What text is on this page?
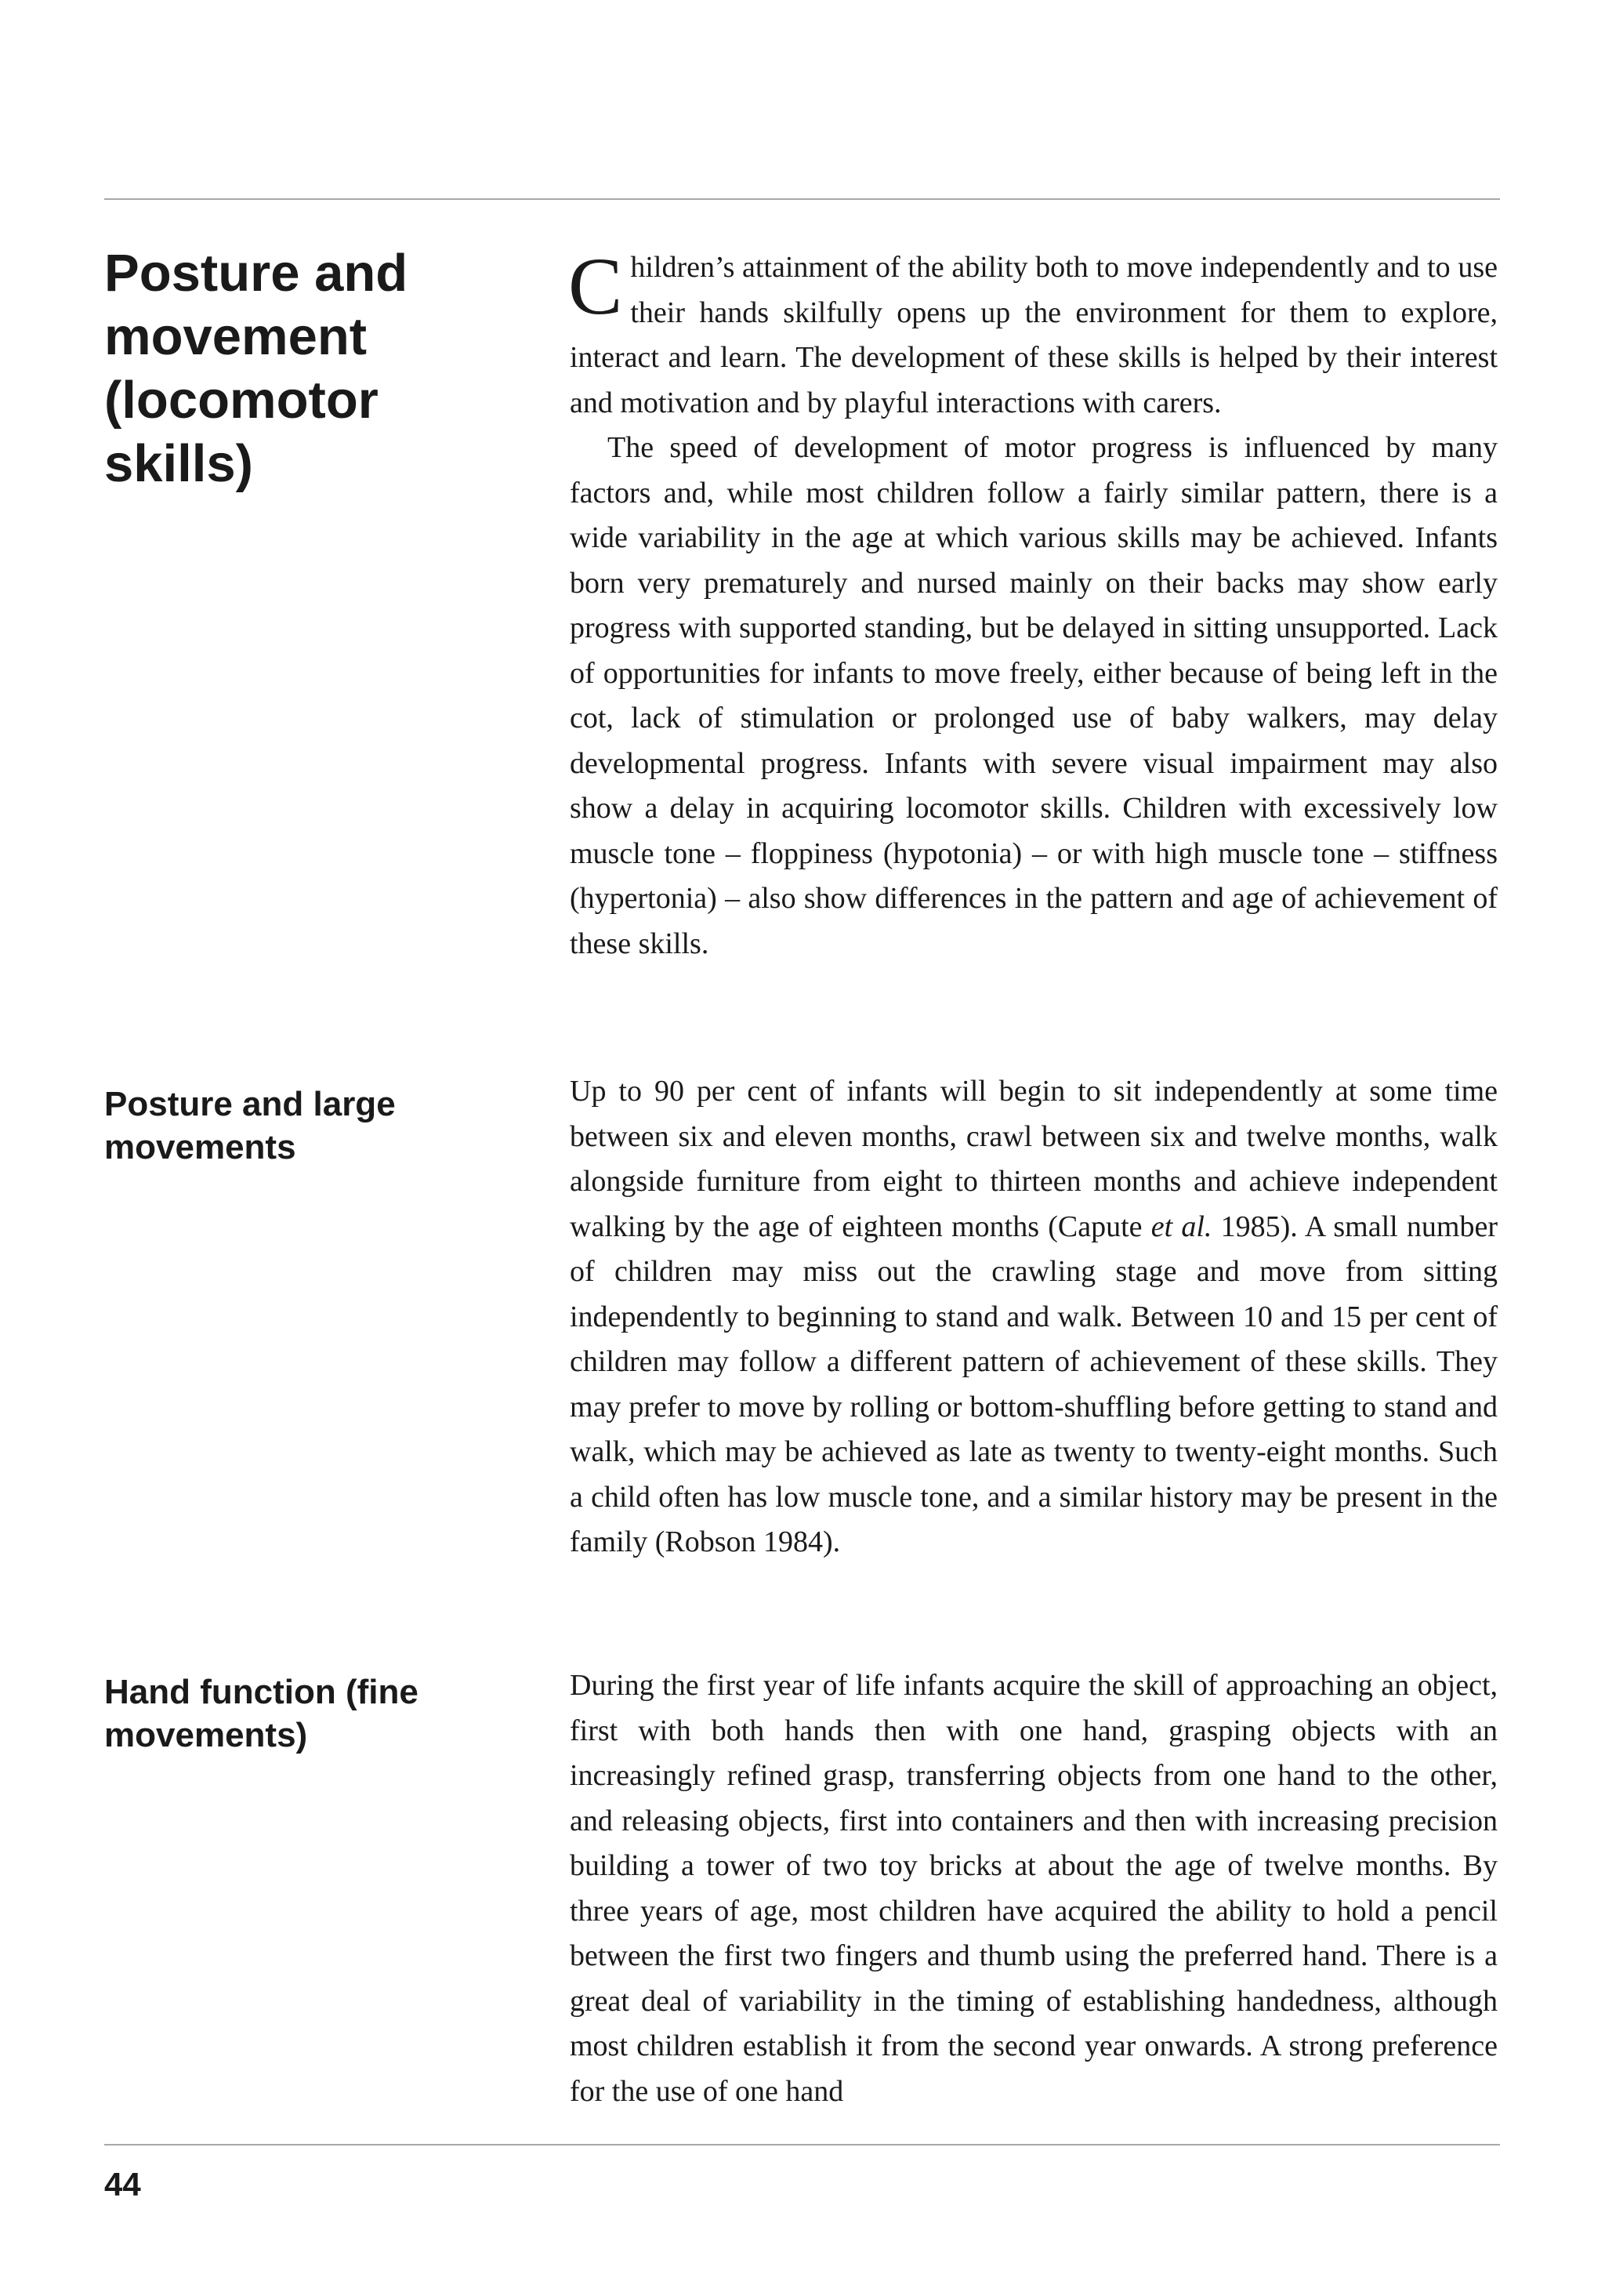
Posture and movement (locomotor skills)

Children’s attainment of the ability both to move independently and to use their hands skilfully opens up the environment for them to explore, interact and learn. The development of these skills is helped by their interest and motivation and by playful interactions with carers.

The speed of development of motor progress is influenced by many factors and, while most children follow a fairly similar pattern, there is a wide variability in the age at which various skills may be achieved. Infants born very prematurely and nursed mainly on their backs may show early progress with supported standing, but be delayed in sitting unsupported. Lack of opportunities for infants to move freely, either because of being left in the cot, lack of stimulation or prolonged use of baby walkers, may delay developmental progress. Infants with severe visual impairment may also show a delay in acquiring locomotor skills. Children with excessively low muscle tone – floppiness (hypotonia) – or with high muscle tone – stiffness (hypertonia) – also show differences in the pattern and age of achievement of these skills.

Posture and large movements

Up to 90 per cent of infants will begin to sit independently at some time between six and eleven months, crawl between six and twelve months, walk alongside furniture from eight to thirteen months and achieve independent walking by the age of eighteen months (Capute et al. 1985). A small number of children may miss out the crawling stage and move from sitting independently to beginning to stand and walk. Between 10 and 15 per cent of children may follow a different pattern of achievement of these skills. They may prefer to move by rolling or bottom-shuffling before getting to stand and walk, which may be achieved as late as twenty to twenty-eight months. Such a child often has low muscle tone, and a similar history may be present in the family (Robson 1984).

Hand function (fine movements)

During the first year of life infants acquire the skill of approaching an object, first with both hands then with one hand, grasping objects with an increasingly refined grasp, transferring objects from one hand to the other, and releasing objects, first into containers and then with increasing precision building a tower of two toy bricks at about the age of twelve months. By three years of age, most children have acquired the ability to hold a pencil between the first two fingers and thumb using the preferred hand. There is a great deal of variability in the timing of establishing handedness, although most children establish it from the second year onwards. A strong preference for the use of one hand

44
